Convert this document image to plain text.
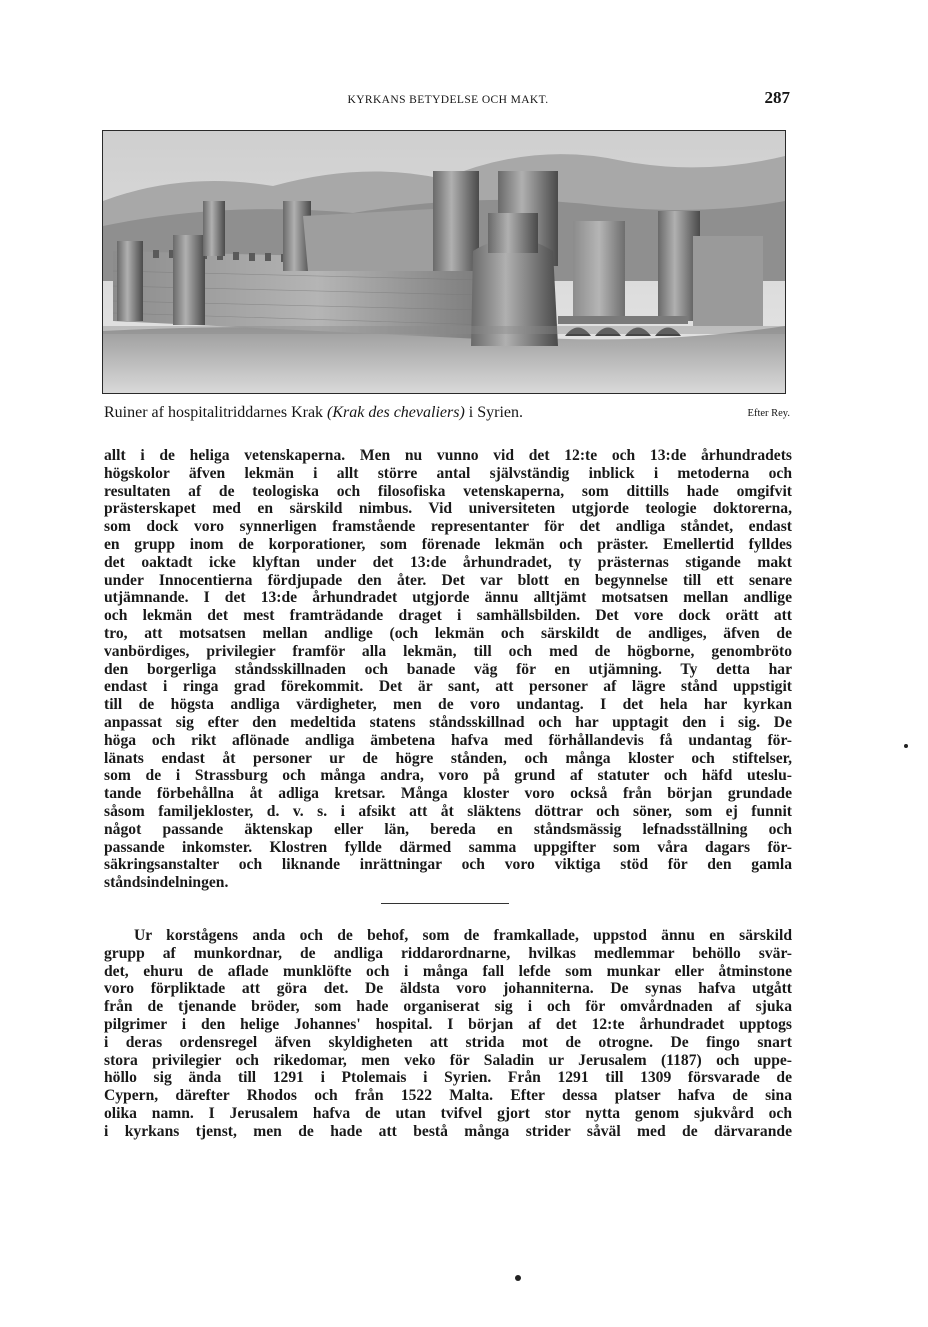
KYRKANS BETYDELSE OCH MAKT.	287
Ruiner af hospitalitriddarnes Krak (Krak des chevaliers) i Syrien.	Efter Rey.
allt i de heliga vetenskaperna. Men nu vunno vid det 12:te och 13:de århundradets
högskolor äfven lekmän i allt större antal självständig inblick i metoderna och
resultaten af de teologiska och filosofiska vetenskaperna, som dittills hade omgifvit
prästerskapet med en särskild nimbus. Vid universiteten utgjorde teologie doktorerna,
som dock voro synnerligen framstående representanter för det andliga ståndet, endast
en grupp inom de korporationer, som förenade lekmän och präster. Emellertid fylldes
det oaktadt icke klyftan under det 13:de århundradet, ty prästernas stigande makt
under Innocentierna fördjupade den åter. Det var blott en begynnelse till ett senare
utjämnande. I det 13:de århundradet utgjorde ännu alltjämt motsatsen mellan andlige
och lekmän det mest framträdande draget i samhällsbilden. Det vore dock orätt att
tro, att motsatsen mellan andlige (och lekmän och särskildt de andliges, äfven de
vanbördiges, privilegier framför alla lekmän, till och med de högborne, genombröto
den borgerliga ståndsskillnaden och banade väg för en utjämning. Ty detta har
endast i ringa grad förekommit. Det är sant, att personer af lägre stånd uppstigit
till de högsta andliga värdigheter, men de voro undantag. I det hela har kyrkan
anpassat sig efter den medeltida statens ståndsskillnad och har upptagit den i sig. De
höga och rikt aflönade andliga ämbetena hafva med förhållandevis få undantag för-
länats endast åt personer ur de högre stånden, och många kloster och stiftelser,
som de i Strassburg och många andra, voro på grund af statuter och häfd uteslu-
tande förbehållna åt adliga kretsar. Många kloster voro också från början grundade
såsom familjekloster, d. v. s. i afsikt att åt släktens döttrar och söner, som ej funnit
något passande äktenskap eller län, bereda en ståndsmässig lefnadsställning och
passande inkomster. Klostren fyllde därmed samma uppgifter som våra dagars för-
säkringsanstalter och liknande inrättningar och voro viktiga stöd för den gamla
ståndsindelningen.
Ur korstågens anda och de behof, som de framkallade, uppstod ännu en särskild
grupp af munkordnar, de andliga riddarordnarne, hvilkas medlemmar behöllo svär-
det, ehuru de aflade munklöfte och i många fall lefde som munkar eller åtminstone
voro förpliktade att göra det. De äldsta voro johanniterna. De synas hafva utgått
från de tjenande bröder, som hade organiserat sig i och för omvårdnaden af sjuka
pilgrimer i den helige Johannes' hospital. I början af det 12:te århundradet upptogs
i deras ordensregel äfven skyldigheten att strida mot de otrogne. De fingo snart
stora privilegier och rikedomar, men veko för Saladin ur Jerusalem (1187) och uppe-
höllo sig ända till 1291 i Ptolemais i Syrien. Från 1291 till 1309 försvarade de
Cypern, därefter Rhodos och från 1522 Malta. Efter dessa platser hafva de sina
olika namn. I Jerusalem hafva de utan tvifvel gjort stor nytta genom sjukvård och
i kyrkans tjenst, men de hade att bestå många strider såväl med de därvarande
